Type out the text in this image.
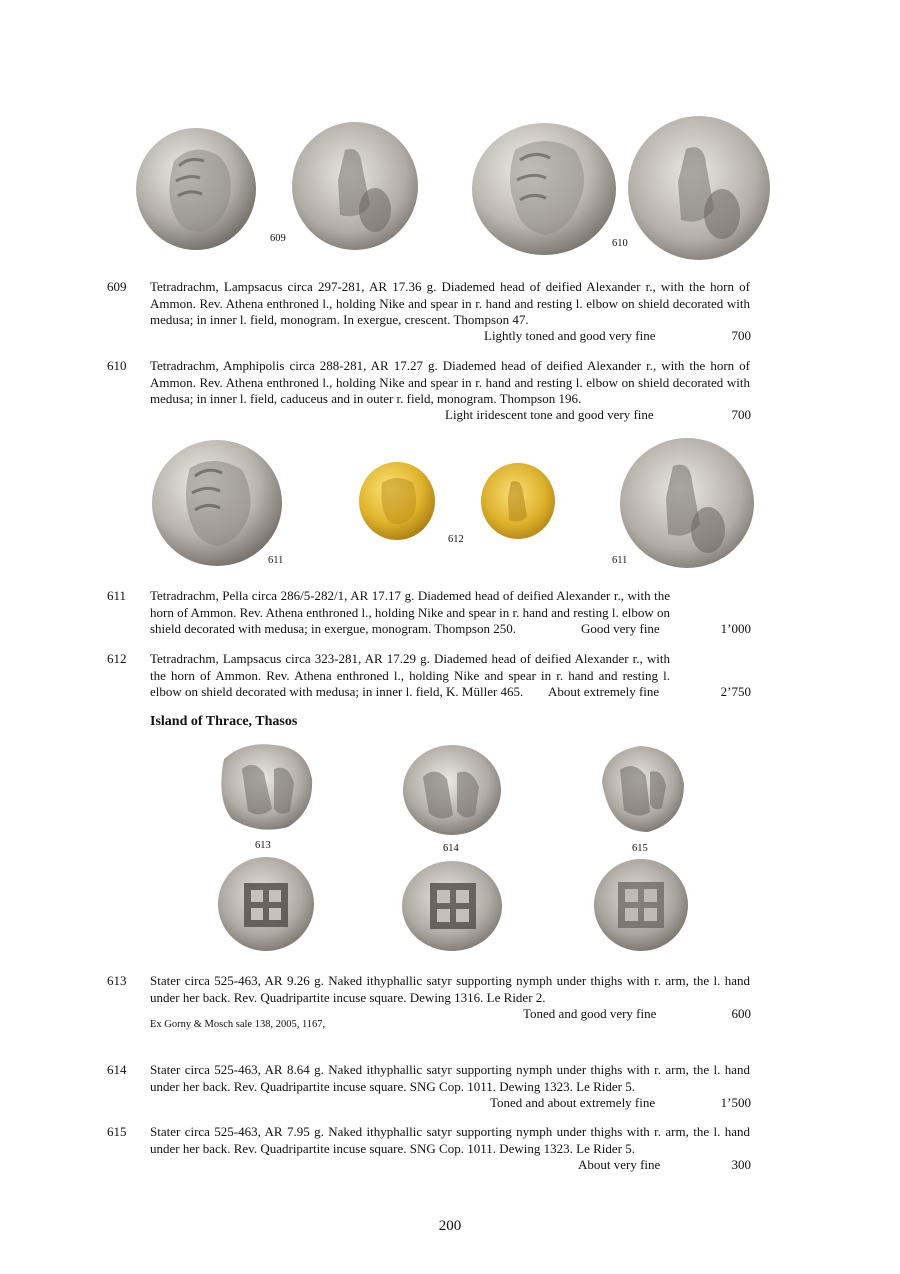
609	610
609 Tetradrachm, Lampsacus circa 297-281, AR 17.36 g. Diademed head of deified Alexander r., with the horn of Ammon. Rev. Athena enthroned l., holding Nike and spear in r. hand and resting l. elbow on shield decorated with medusa; in inner l. field, monogram. In exergue, crescent. Thompson 47.
Lightly toned and good very fine	700
610 Tetradrachm, Amphipolis circa 288-281, AR 17.27 g. Diademed head of deified Alexander r., with the horn of Ammon. Rev. Athena enthroned l., holding Nike and spear in r. hand and resting l. elbow on shield decorated with medusa; in inner l. field, caduceus and in outer r. field, monogram. Thompson 196.
Light iridescent tone and good very fine	700
611
612
611
611 Tetradrachm, Pella circa 286/5-282/1, AR 17.17 g. Diademed head of deified Alexander r., with the horn of Ammon. Rev. Athena enthroned l., holding Nike and spear in r. hand and resting l. elbow on shield decorated with medusa; in exergue, monogram. Thompson 250.	Good very fine	1’000
612 Tetradrachm, Lampsacus circa 323-281, AR 17.29 g. Diademed head of deified Alexander r., with the horn of Ammon. Rev. Athena enthroned l., holding Nike and spear in r. hand and resting l. elbow on shield decorated with medusa; in inner l. field, K. Müller 465.	About extremely fine	2’750
Island of Thrace, Thasos
613	614	615
613 Stater circa 525-463, AR 9.26 g. Naked ithyphallic satyr supporting nymph under thighs with r. arm, the l. hand under her back. Rev. Quadripartite incuse square. Dewing 1316. Le Rider 2.
Toned and good very fine	600
Ex Gorny & Mosch sale 138, 2005, 1167,
614 Stater circa 525-463, AR 8.64 g. Naked ithyphallic satyr supporting nymph under thighs with r. arm, the l. hand under her back. Rev. Quadripartite incuse square. SNG Cop. 1011. Dewing 1323. Le Rider 5.
Toned and about extremely fine	1’500
615 Stater circa 525-463, AR 7.95 g. Naked ithyphallic satyr supporting nymph under thighs with r. arm, the l. hand under her back. Rev. Quadripartite incuse square. SNG Cop. 1011. Dewing 1323. Le Rider 5.
About very fine	300
200
